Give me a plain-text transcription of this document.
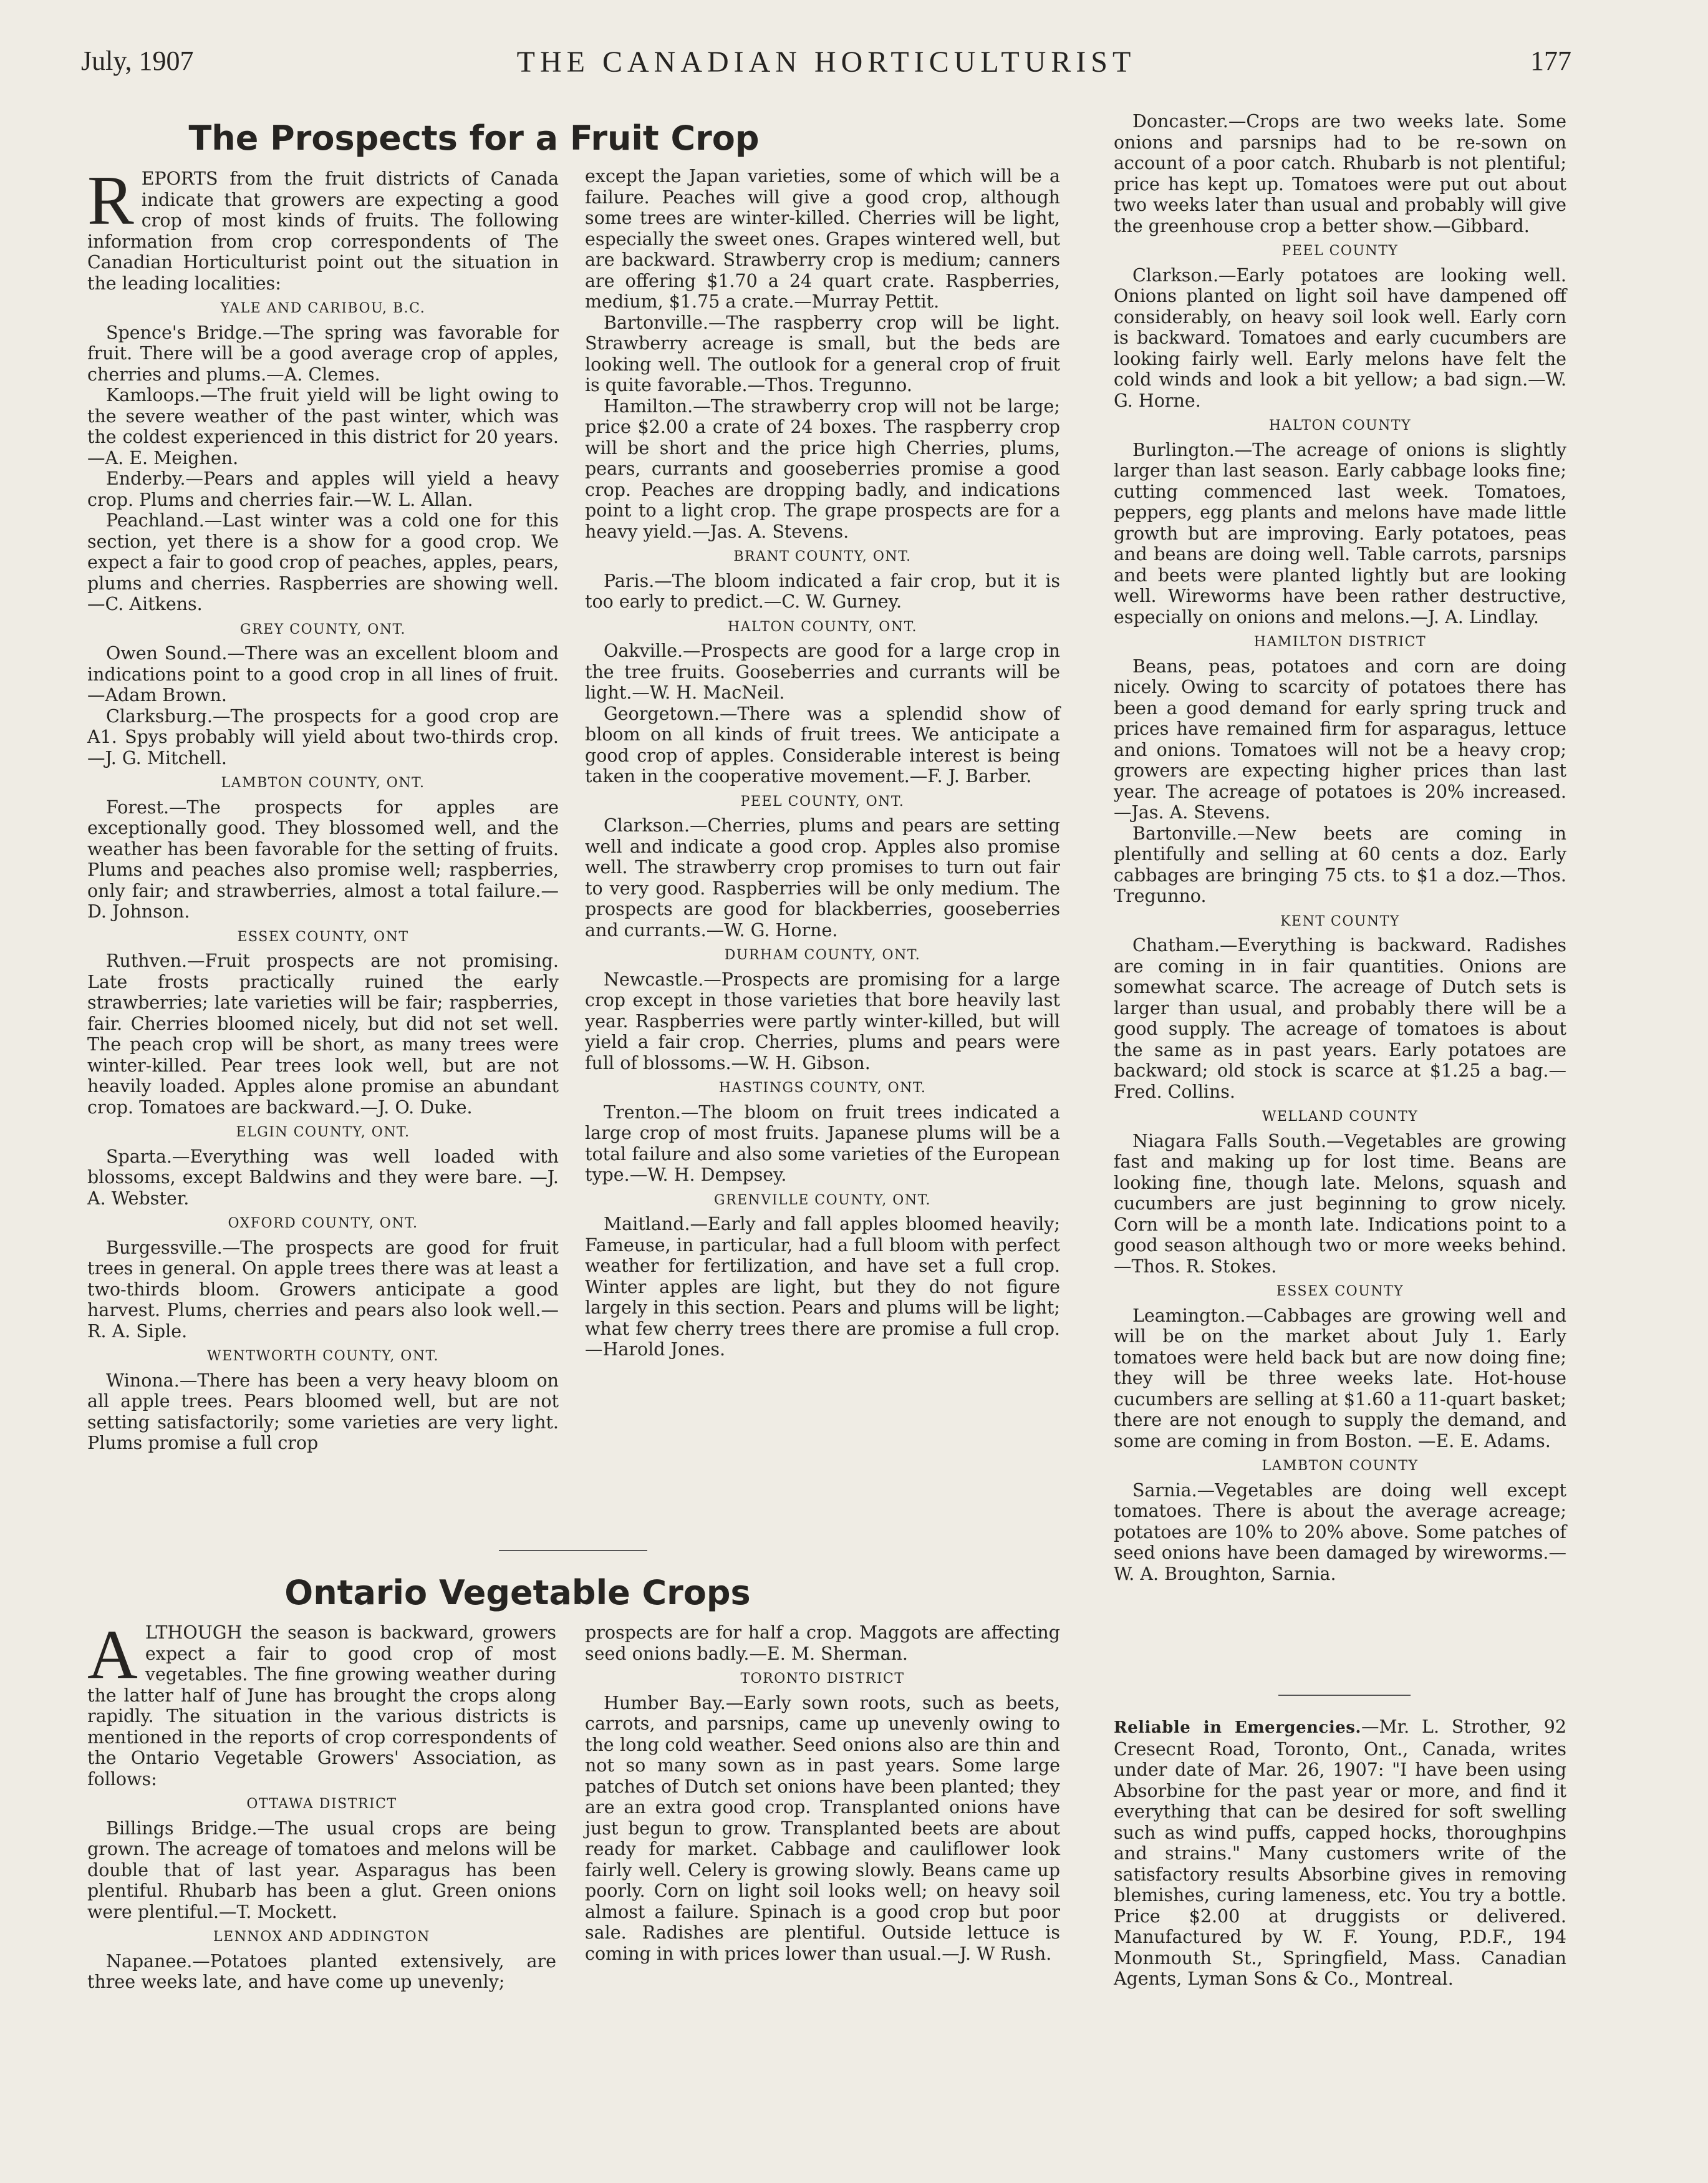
July, 1907	THE CANADIAN HORTICULTURIST	177
The Prospects for a Fruit Crop

REPORTS from the fruit districts of Canada indicate that growers are expecting a good crop of most kinds of fruits. The following information from crop correspondents of The Canadian Horticulturist point out the situation in the leading localities:

YALE AND CARIBOU, B.C.

Spence's Bridge.—The spring was favorable for fruit. There will be a good average crop of apples, cherries and plums.—A. Clemes.

Kamloops.—The fruit yield will be light owing to the severe weather of the past winter, which was the coldest experienced in this district for 20 years.—A. E. Meighen.

Enderby.—Pears and apples will yield a heavy crop. Plums and cherries fair.—W. L. Allan.

Peachland.—Last winter was a cold one for this section, yet there is a show for a good crop. We expect a fair to good crop of peaches, apples, pears, plums and cherries. Raspberries are showing well.—C. Aitkens.

GREY COUNTY, ONT.

Owen Sound.—There was an excellent bloom and indications point to a good crop in all lines of fruit.—Adam Brown.

Clarksburg.—The prospects for a good crop are A1. Spys probably will yield about two-thirds crop.—J. G. Mitchell.

LAMBTON COUNTY, ONT.

Forest.—The prospects for apples are exceptionally good. They blossomed well, and the weather has been favorable for the setting of fruits. Plums and peaches also promise well; raspberries, only fair; and strawberries, almost a total failure.—D. Johnson.

ESSEX COUNTY, ONT

Ruthven.—Fruit prospects are not promising. Late frosts practically ruined the early strawberries; late varieties will be fair; raspberries, fair. Cherries bloomed nicely, but did not set well. The peach crop will be short, as many trees were winter-killed. Pear trees look well, but are not heavily loaded. Apples alone promise an abundant crop. Tomatoes are backward.—J. O. Duke.

ELGIN COUNTY, ONT.

Sparta.—Everything was well loaded with blossoms, except Baldwins and they were bare. —J. A. Webster.

OXFORD COUNTY, ONT.

Burgessville.—The prospects are good for fruit trees in general. On apple trees there was at least a two-thirds bloom. Growers anticipate a good harvest. Plums, cherries and pears also look well.—R. A. Siple.

WENTWORTH COUNTY, ONT.

Winona.—There has been a very heavy bloom on all apple trees. Pears bloomed well, but are not setting satisfactorily; some varieties are very light. Plums promise a full crop

except the Japan varieties, some of which will be a failure. Peaches will give a good crop, although some trees are winter-killed. Cherries will be light, especially the sweet ones. Grapes wintered well, but are backward. Strawberry crop is medium; canners are offering $1.70 a 24 quart crate. Raspberries, medium, $1.75 a crate.—Murray Pettit.

Bartonville.—The raspberry crop will be light. Strawberry acreage is small, but the beds are looking well. The outlook for a general crop of fruit is quite favorable.—Thos. Tregunno.

Hamilton.—The strawberry crop will not be large; price $2.00 a crate of 24 boxes. The raspberry crop will be short and the price high Cherries, plums, pears, currants and gooseberries promise a good crop. Peaches are dropping badly, and indications point to a light crop. The grape prospects are for a heavy yield.—Jas. A. Stevens.

BRANT COUNTY, ONT.

Paris.—The bloom indicated a fair crop, but it is too early to predict.—C. W. Gurney.

HALTON COUNTY, ONT.

Oakville.—Prospects are good for a large crop in the tree fruits. Gooseberries and currants will be light.—W. H. MacNeil.

Georgetown.—There was a splendid show of bloom on all kinds of fruit trees. We anticipate a good crop of apples. Considerable interest is being taken in the cooperative movement.—F. J. Barber.

PEEL COUNTY, ONT.

Clarkson.—Cherries, plums and pears are setting well and indicate a good crop. Apples also promise well. The strawberry crop promises to turn out fair to very good. Raspberries will be only medium. The prospects are good for blackberries, gooseberries and currants.—W. G. Horne.

DURHAM COUNTY, ONT.

Newcastle.—Prospects are promising for a large crop except in those varieties that bore heavily last year. Raspberries were partly winter-killed, but will yield a fair crop. Cherries, plums and pears were full of blossoms.—W. H. Gibson.

HASTINGS COUNTY, ONT.

Trenton.—The bloom on fruit trees indicated a large crop of most fruits. Japanese plums will be a total failure and also some varieties of the European type.—W. H. Dempsey.

GRENVILLE COUNTY, ONT.

Maitland.—Early and fall apples bloomed heavily; Fameuse, in particular, had a full bloom with perfect weather for fertilization, and have set a full crop. Winter apples are light, but they do not figure largely in this section. Pears and plums will be light; what few cherry trees there are promise a full crop.—Harold Jones.

Doncaster.—Crops are two weeks late. Some onions and parsnips had to be re-sown on account of a poor catch. Rhubarb is not plentiful; price has kept up. Tomatoes were put out about two weeks later than usual and probably will give the greenhouse crop a better show.—Gibbard.

PEEL COUNTY

Clarkson.—Early potatoes are looking well. Onions planted on light soil have dampened off considerably, on heavy soil look well. Early corn is backward. Tomatoes and early cucumbers are looking fairly well. Early melons have felt the cold winds and look a bit yellow; a bad sign.—W. G. Horne.

HALTON COUNTY

Burlington.—The acreage of onions is slightly larger than last season. Early cabbage looks fine; cutting commenced last week. Tomatoes, peppers, egg plants and melons have made little growth but are improving. Early potatoes, peas and beans are doing well. Table carrots, parsnips and beets were planted lightly but are looking well. Wireworms have been rather destructive, especially on onions and melons.—J. A. Lindlay.

HAMILTON DISTRICT

Beans, peas, potatoes and corn are doing nicely. Owing to scarcity of potatoes there has been a good demand for early spring truck and prices have remained firm for asparagus, lettuce and onions. Tomatoes will not be a heavy crop; growers are expecting higher prices than last year. The acreage of potatoes is 20% increased. —Jas. A. Stevens.

Bartonville.—New beets are coming in plentifully and selling at 60 cents a doz. Early cabbages are bringing 75 cts. to $1 a doz.—Thos. Tregunno.

KENT COUNTY

Chatham.—Everything is backward. Radishes are coming in in fair quantities. Onions are somewhat scarce. The acreage of Dutch sets is larger than usual, and probably there will be a good supply. The acreage of tomatoes is about the same as in past years. Early potatoes are backward; old stock is scarce at $1.25 a bag.—Fred. Collins.

WELLAND COUNTY

Niagara Falls South.—Vegetables are growing fast and making up for lost time. Beans are looking fine, though late. Melons, squash and cucumbers are just beginning to grow nicely. Corn will be a month late. Indications point to a good season although two or more weeks behind.—Thos. R. Stokes.

ESSEX COUNTY

Leamington.—Cabbages are growing well and will be on the market about July 1. Early tomatoes were held back but are now doing fine; they will be three weeks late. Hot-house cucumbers are selling at $1.60 a 11-quart basket; there are not enough to supply the demand, and some are coming in from Boston. —E. E. Adams.

LAMBTON COUNTY

Sarnia.—Vegetables are doing well except tomatoes. There is about the average acreage; potatoes are 10% to 20% above. Some patches of seed onions have been damaged by wireworms.—W. A. Broughton, Sarnia.

Ontario Vegetable Crops

ALTHOUGH the season is backward, growers expect a fair to good crop of most vegetables. The fine growing weather during the latter half of June has brought the crops along rapidly. The situation in the various districts is mentioned in the reports of crop correspondents of the Ontario Vegetable Growers' Association, as follows:

OTTAWA DISTRICT

Billings Bridge.—The usual crops are being grown. The acreage of tomatoes and melons will be double that of last year. Asparagus has been plentiful. Rhubarb has been a glut. Green onions were plentiful.—T. Mockett.

LENNOX AND ADDINGTON

Napanee.—Potatoes planted extensively, are three weeks late, and have come up unevenly;

prospects are for half a crop. Maggots are affecting seed onions badly.—E. M. Sherman.

TORONTO DISTRICT

Humber Bay.—Early sown roots, such as beets, carrots, and parsnips, came up unevenly owing to the long cold weather. Seed onions also are thin and not so many sown as in past years. Some large patches of Dutch set onions have been planted; they are an extra good crop. Transplanted onions have just begun to grow. Transplanted beets are about ready for market. Cabbage and cauliflower look fairly well. Celery is growing slowly. Beans came up poorly. Corn on light soil looks well; on heavy soil almost a failure. Spinach is a good crop but poor sale. Radishes are plentiful. Outside lettuce is coming in with prices lower than usual.—J. W Rush.

Reliable in Emergencies.—Mr. L. Strother, 92 Cresecnt Road, Toronto, Ont., Canada, writes under date of Mar. 26, 1907: "I have been using Absorbine for the past year or more, and find it everything that can be desired for soft swelling such as wind puffs, capped hocks, thoroughpins and strains." Many customers write of the satisfactory results Absorbine gives in removing blemishes, curing lameness, etc. You try a bottle. Price $2.00 at druggists or delivered. Manufactured by W. F. Young, P.D.F., 194 Monmouth St., Springfield, Mass. Canadian Agents, Lyman Sons & Co., Montreal.
